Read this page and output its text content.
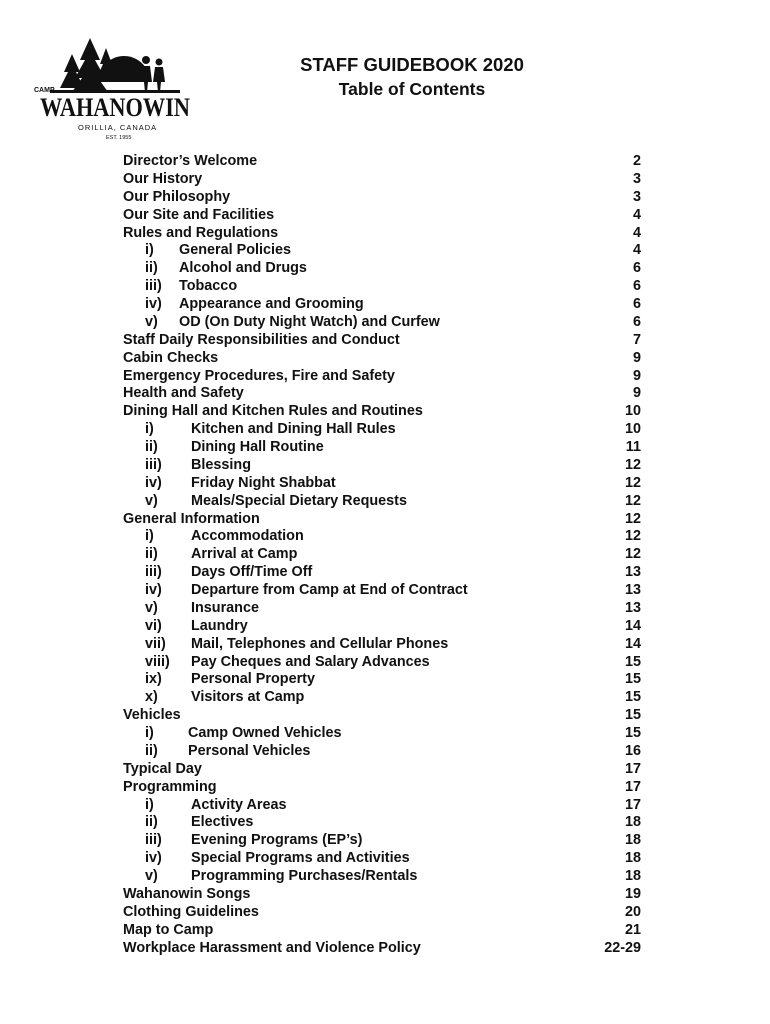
CAMP
WAHANOWIN
ORILLIA, CANADA
EST. 1955
STAFF GUIDEBOOK 2020
Table of Contents
Director’s Welcome	2
Our History	3
Our Philosophy	3
Our Site and Facilities	4
Rules and Regulations	4
i) General Policies	4
ii) Alcohol and Drugs	6
iii) Tobacco	6
iv) Appearance and Grooming	6
v) OD (On Duty Night Watch) and Curfew	6
Staff Daily Responsibilities and Conduct	7
Cabin Checks	9
Emergency Procedures, Fire and Safety	9
Health and Safety	9
Dining Hall and Kitchen Rules and Routines	10
i)	Kitchen and Dining Hall Rules	10
ii) Dining Hall Routine	11
iii) Blessing	12
iv) Friday Night Shabbat	12
v) Meals/Special Dietary Requests	12
General Information	12
i)	Accommodation	12
ii) Arrival at Camp	12
iii) Days Off/Time Off	13
iv) Departure from Camp at End of Contract	13
v) Insurance	13
vi) Laundry	14
vii) Mail, Telephones and Cellular Phones	14
viii) Pay Cheques and Salary Advances	15
ix) Personal Property	15
x) Visitors at Camp	15
Vehicles	15
i) Camp Owned Vehicles	15
ii) Personal Vehicles	16
Typical Day	17
Programming	17
i)	Activity Areas	17
ii) Electives	18
iii) Evening Programs (EP’s)	18
iv) Special Programs and Activities	18
v) Programming Purchases/Rentals	18
Wahanowin Songs	19
Clothing Guidelines	20
Map to Camp	21
Workplace Harassment and Violence Policy	22-29
